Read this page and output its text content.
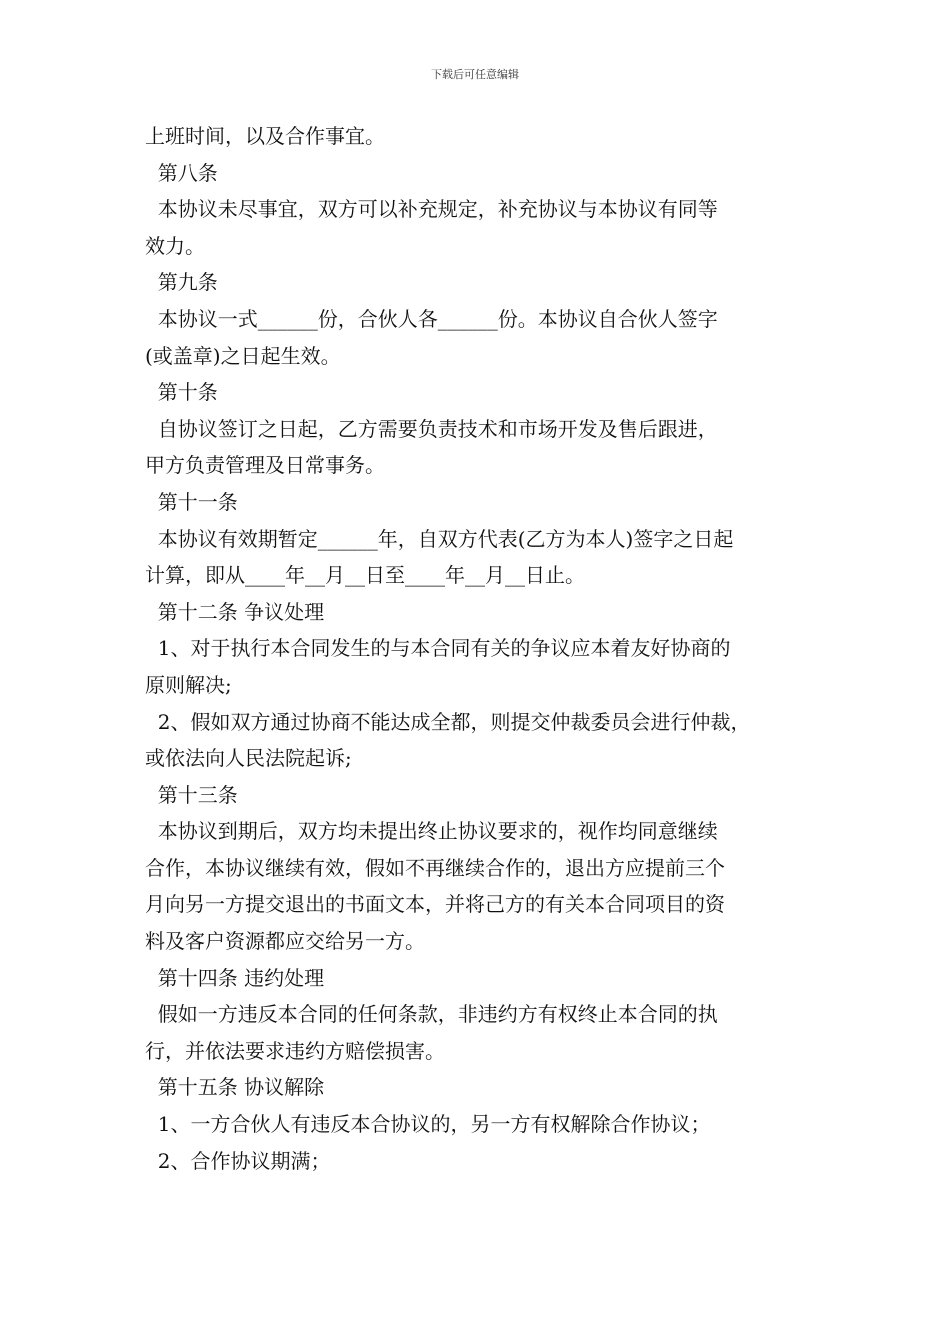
下载后可任意编辑
上班时间，以及合作事宜。
第八条
本协议未尽事宜，双方可以补充规定，补充协议与本协议有同等
效力。
第九条
本协议一式______份，合伙人各______份。本协议自合伙人签字
(或盖章)之日起生效。
第十条
自协议签订之日起，乙方需要负责技术和市场开发及售后跟进，
甲方负责管理及日常事务。
第十一条
本协议有效期暂定______年，自双方代表(乙方为本人)签字之日起
计算，即从____年__月__日至____年__月__日止。
第十二条 争议处理
1、对于执行本合同发生的与本合同有关的争议应本着友好协商的
原则解决;
2、假如双方通过协商不能达成全都，则提交仲裁委员会进行仲裁，
或依法向人民法院起诉;
第十三条
本协议到期后，双方均未提出终止协议要求的，视作均同意继续
合作，本协议继续有效，假如不再继续合作的，退出方应提前三个
月向另一方提交退出的书面文本，并将己方的有关本合同项目的资
料及客户资源都应交给另一方。
第十四条 违约处理
假如一方违反本合同的任何条款，非违约方有权终止本合同的执
行，并依法要求违约方赔偿损害。
第十五条 协议解除
1、一方合伙人有违反本合协议的，另一方有权解除合作协议；
2、合作协议期满；
